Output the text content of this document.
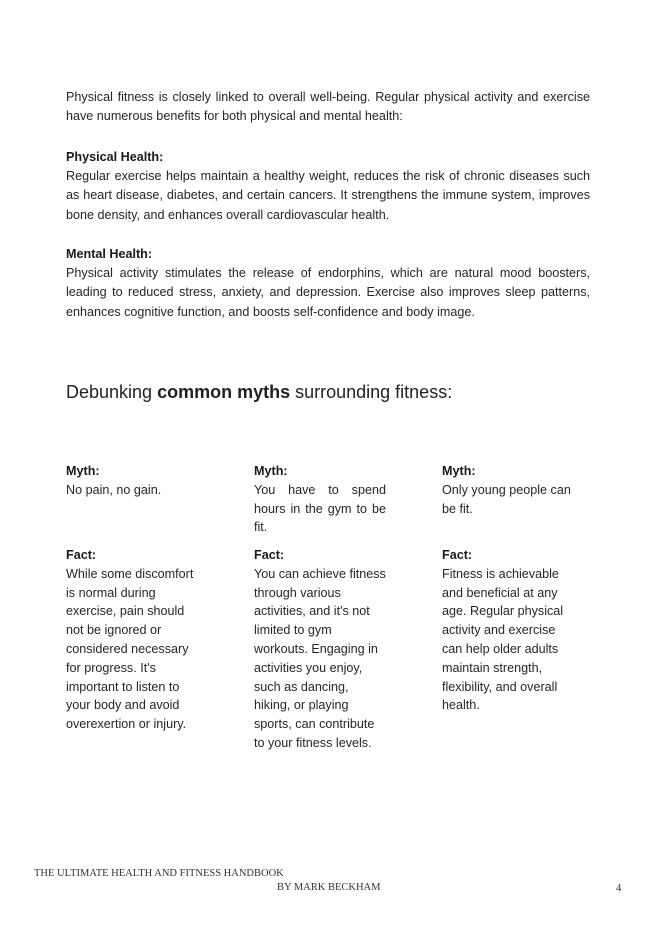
Physical fitness is closely linked to overall well-being. Regular physical activity and exercise have numerous benefits for both physical and mental health:

Physical Health:

Regular exercise helps maintain a healthy weight, reduces the risk of chronic diseases such as heart disease, diabetes, and certain cancers. It strengthens the immune system, improves bone density, and enhances overall cardiovascular health.

Mental Health:

Physical activity stimulates the release of endorphins, which are natural mood boosters, leading to reduced stress, anxiety, and depression. Exercise also improves sleep patterns, enhances cognitive function, and boosts self-confidence and body image.

Debunking common myths surrounding fitness:
Myth:
No pain, no gain.
Myth:
You have to spend hours in the gym to be fit.
Myth:
Only young people can be fit.
Fact:
While some discomfort is normal during exercise, pain should not be ignored or considered necessary for progress. It's important to listen to your body and avoid overexertion or injury.
Fact:
You can achieve fitness through various activities, and it's not limited to gym workouts. Engaging in activities you enjoy, such as dancing, hiking, or playing sports, can contribute to your fitness levels.
Fact:
Fitness is achievable and beneficial at any age. Regular physical activity and exercise can help older adults maintain strength, flexibility, and overall health.
THE ULTIMATE HEALTH AND FITNESS HANDBOOK
BY MARK BECKHAM	4
